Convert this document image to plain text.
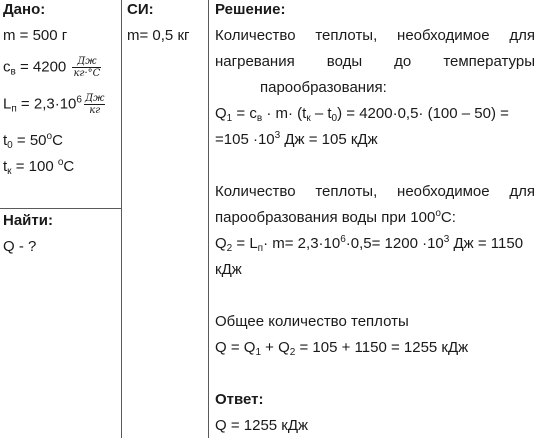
Дано:
m = 500 г
$c_в = 4200 \frac{Дж}{кг\cdot^\circ С}$
$L_п = 2,3\cdot 10^6 \frac{Дж}{кг}$
$t_0 = 50^oC$
$t_к = 100$ $^o$C
Найти:
Q - ?
СИ:
m= 0,5 кг
Решение:
Количество теплоты, необходимое для
нагревания воды до температуры
парообразования:
$Q_1 = c_в \cdot m\cdot (t_к - t_0) = 4200\cdot 0,5\cdot (100 - 50)$ =
$=105 \cdot 10^3$ Дж = 105 кДж
Количество теплоты, необходимое для
парообразования воды при $100^оС$:
$Q_2 = L_п\cdot m= 2,3\cdot 10^6\cdot 0,5= 1200 \cdot 10^3$ Дж = 1150
кДж
Общее количество теплоты
$Q = Q_1 + Q_2 = 105 + 1150 = 1255$ кДж
Ответ:
Q = 1255 кДж
